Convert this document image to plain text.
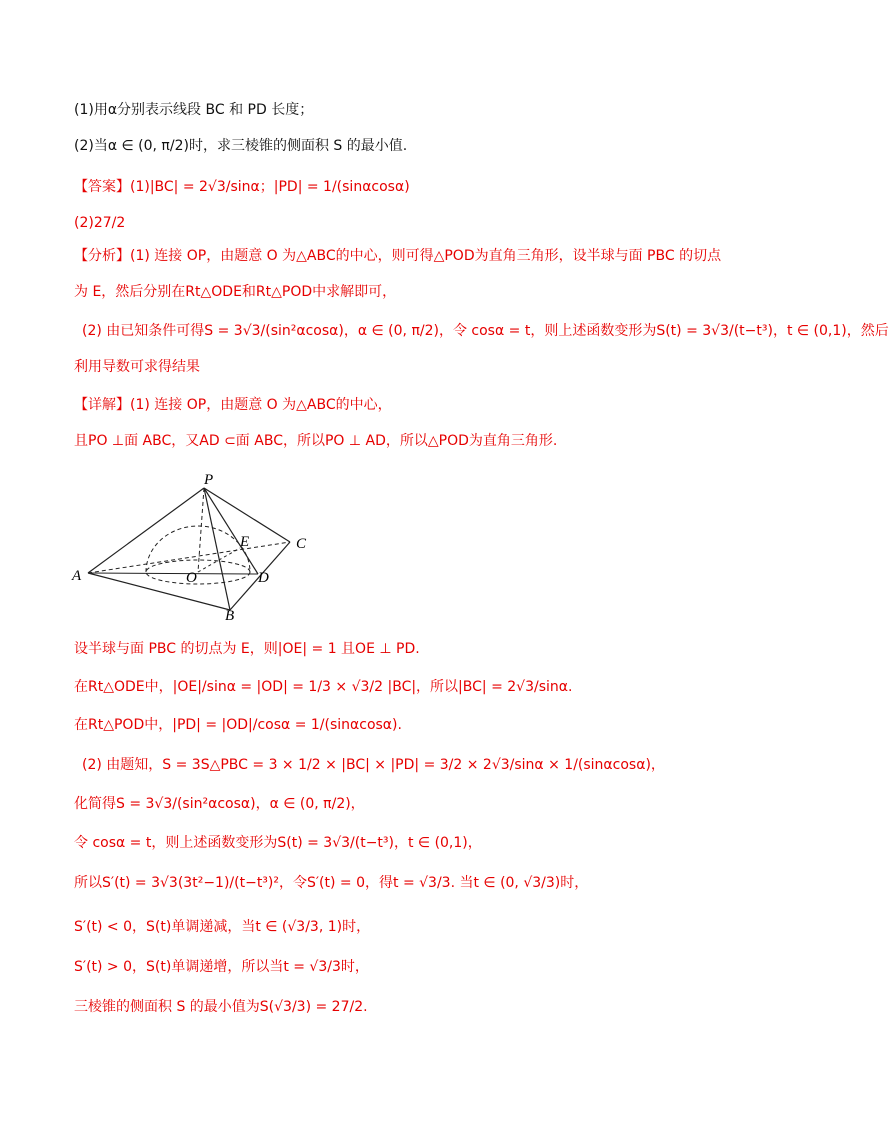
(1)用α分别表示线段 BC 和 PD 长度；
(2)当α ∈ (0, π/2)时，求三棱锥的侧面积 S 的最小值.
【答案】(1)|BC| = 2√3/sinα；|PD| = 1/(sinαcosα)
(2)27/2
【分析】(1) 连接 OP，由题意 O 为△ABC的中心，则可得△POD为直角三角形，设半球与面 PBC 的切点
为 E，然后分别在Rt△ODE和Rt△POD中求解即可，
(2) 由已知条件可得S = 3√3/(sin²αcosα)，α ∈ (0, π/2)，令 cosα = t，则上述函数变形为S(t) = 3√3/(t−t³)，t ∈ (0,1)，然后
利用导数可求得结果
【详解】(1) 连接 OP，由题意 O 为△ABC的中心，
且PO ⊥面 ABC，又AD ⊂面 ABC，所以PO ⊥ AD，所以△POD为直角三角形.
P
A
B
C
D
E
O
设半球与面 PBC 的切点为 E，则|OE| = 1 且OE ⊥ PD.
在Rt△ODE中，|OE|/sinα = |OD| = 1/3 × √3/2 |BC|，所以|BC| = 2√3/sinα.
在Rt△POD中，|PD| = |OD|/cosα = 1/(sinαcosα).
(2) 由题知，S = 3S△PBC = 3 × 1/2 × |BC| × |PD| = 3/2 × 2√3/sinα × 1/(sinαcosα)，
化简得S = 3√3/(sin²αcosα)，α ∈ (0, π/2)，
令 cosα = t，则上述函数变形为S(t) = 3√3/(t−t³)，t ∈ (0,1)，
所以S′(t) = 3√3(3t²−1)/(t−t³)²，令S′(t) = 0，得t = √3/3. 当t ∈ (0, √3/3)时，
S′(t) < 0，S(t)单调递减，当t ∈ (√3/3, 1)时，
S′(t) > 0，S(t)单调递增，所以当t = √3/3时，
三棱锥的侧面积 S 的最小值为S(√3/3) = 27/2.
